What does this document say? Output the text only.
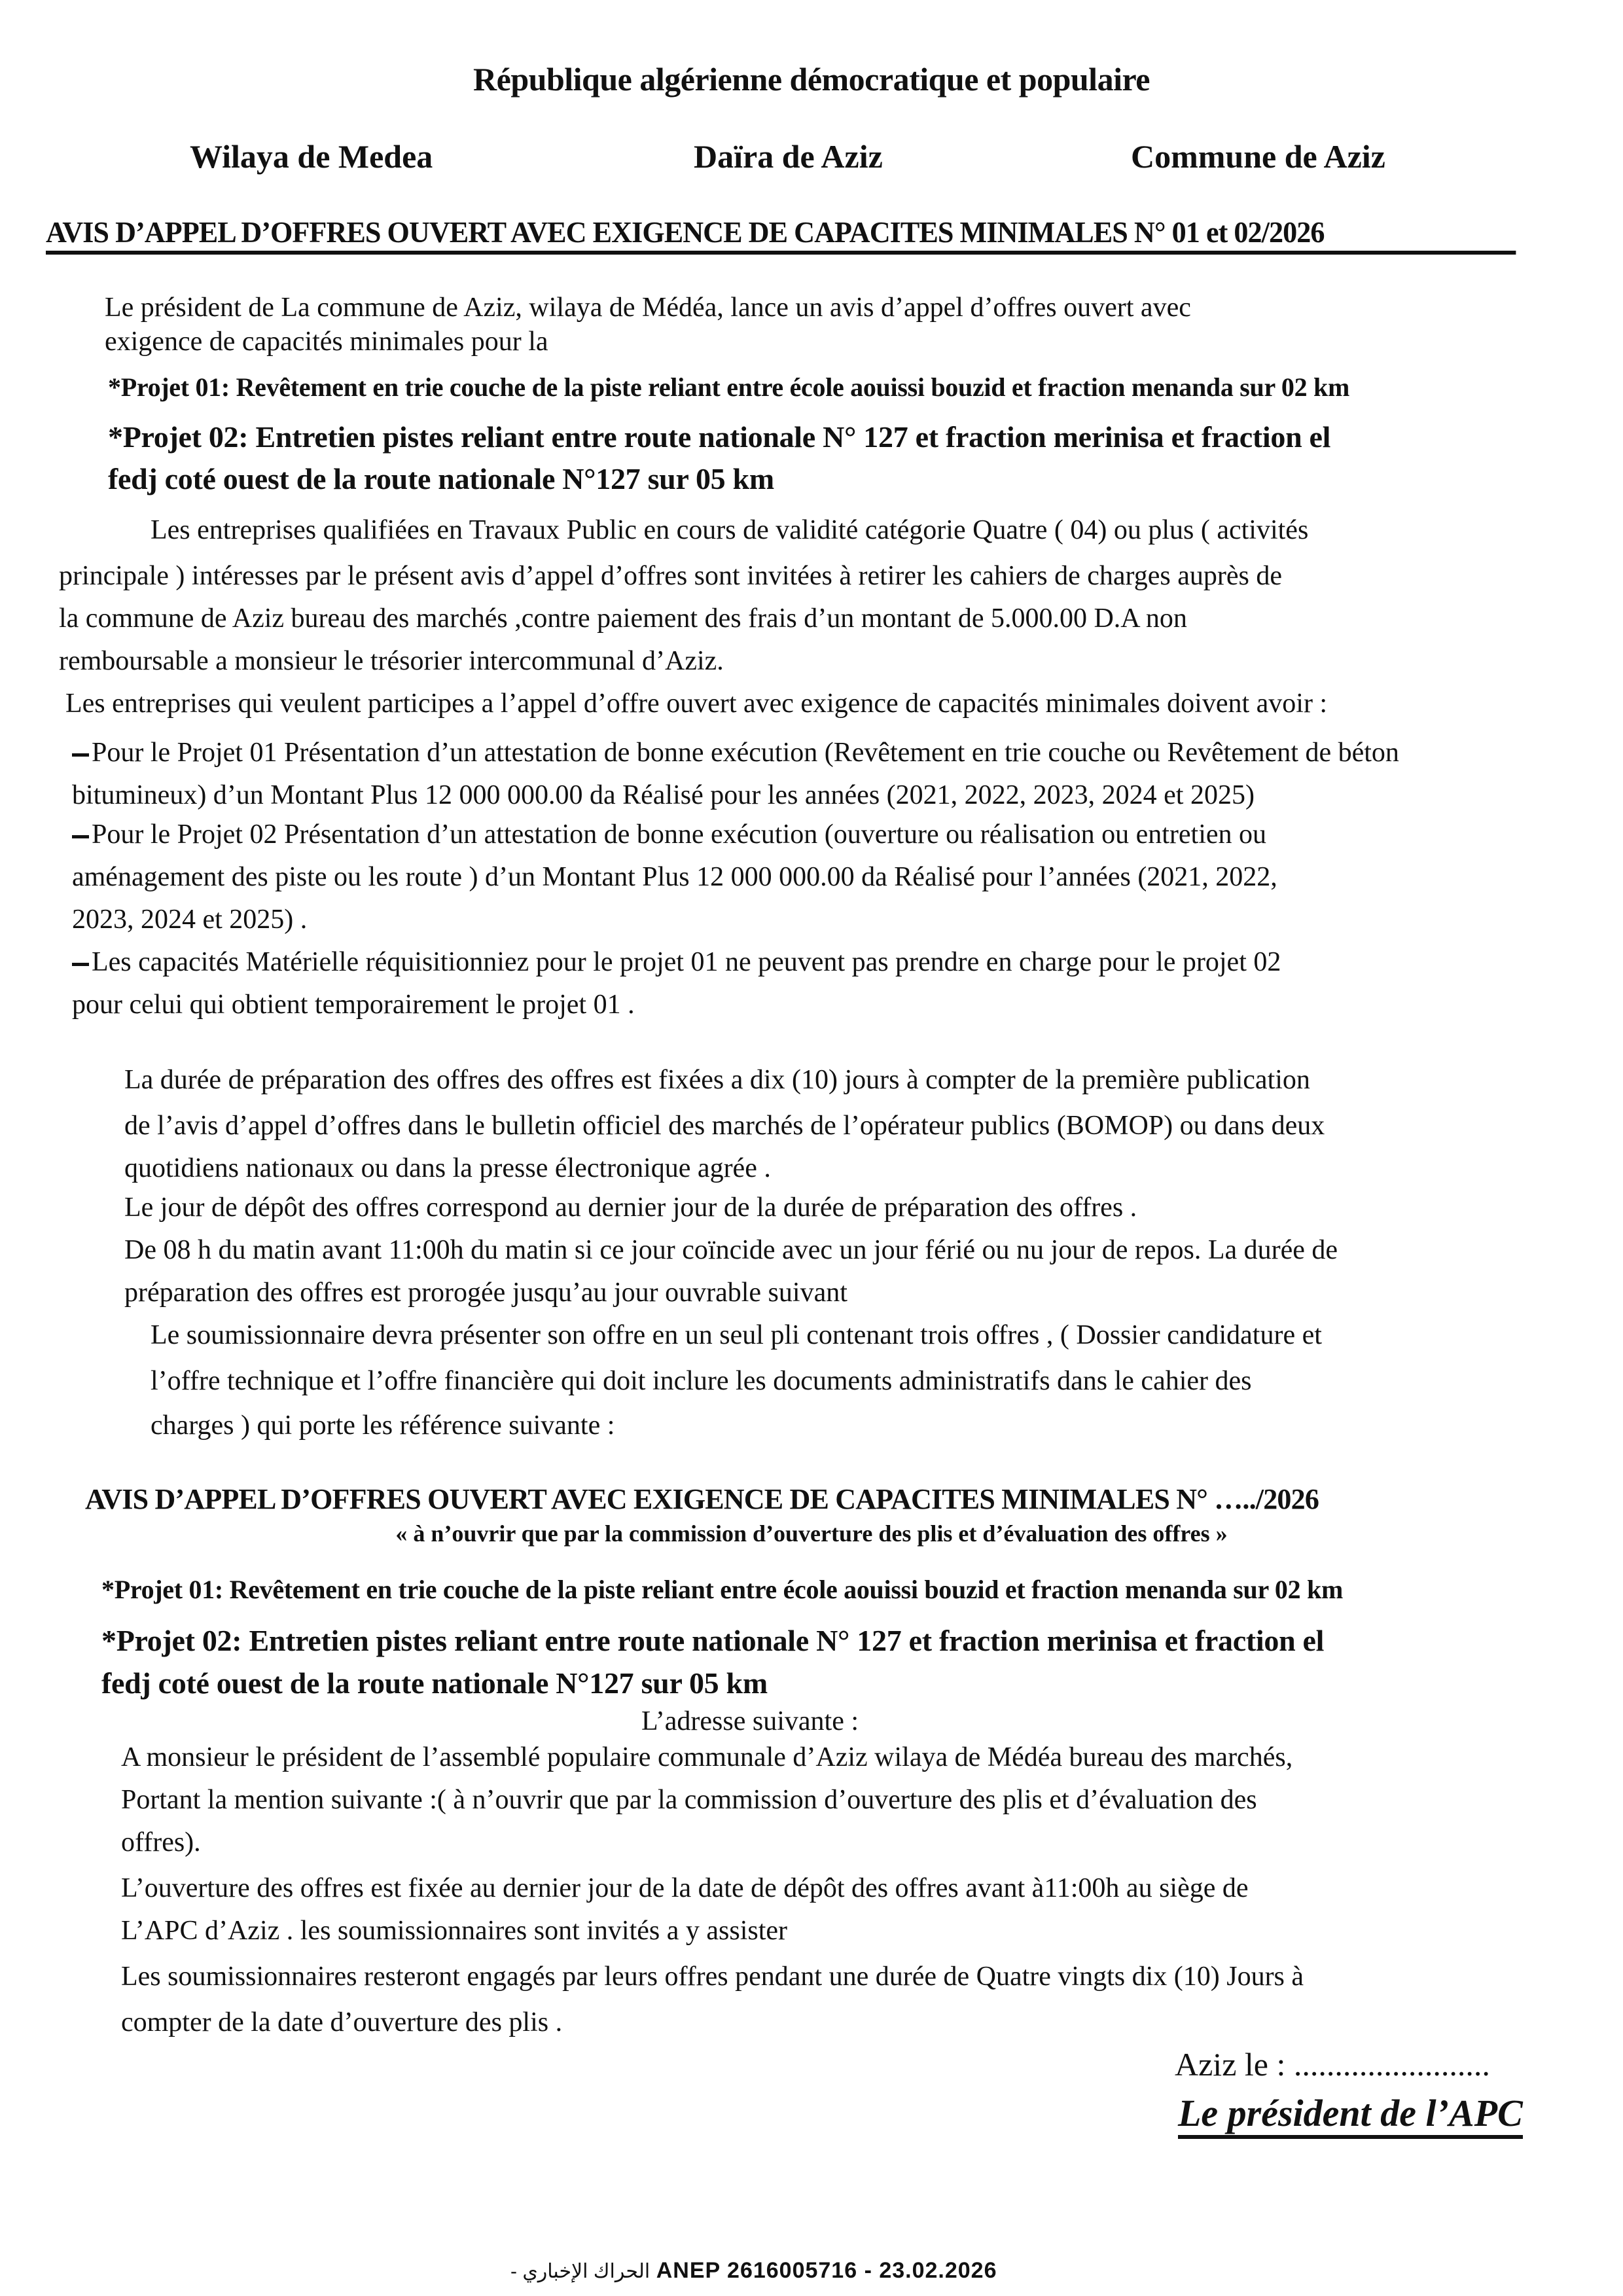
République algérienne démocratique et populaire
Wilaya de Medea	Daïra de Aziz	Commune de Aziz
AVIS D’APPEL D’OFFRES OUVERT AVEC EXIGENCE DE CAPACITES MINIMALES N° 01 et 02/2026
Le président de La commune de Aziz, wilaya de Médéa, lance un avis d’appel d’offres ouvert avec
exigence de capacités minimales pour la
*Projet 01: Revêtement en trie couche de la piste reliant entre école aouissi bouzid et fraction menanda sur 02 km
*Projet 02: Entretien pistes reliant entre route nationale N° 127 et fraction merinisa et fraction el
fedj coté ouest de la route nationale N°127 sur 05 km
Les entreprises qualifiées en Travaux Public en cours de validité catégorie Quatre ( 04) ou plus ( activités
principale ) intéresses par le présent avis d’appel d’offres sont invitées à retirer les cahiers de charges auprès de
la commune de Aziz bureau des marchés ,contre paiement des frais d’un montant de 5.000.00 D.A non
remboursable a monsieur le trésorier intercommunal d’Aziz.
Les entreprises qui veulent participes a l’appel d’offre ouvert avec exigence de capacités minimales doivent avoir :
Pour le Projet 01 Présentation d’un attestation de bonne exécution (Revêtement en trie couche ou Revêtement de béton
bitumineux) d’un Montant Plus 12 000 000.00 da Réalisé pour les années (2021, 2022, 2023, 2024 et 2025)
Pour le Projet 02 Présentation d’un attestation de bonne exécution (ouverture ou réalisation ou entretien ou
aménagement des piste ou les route ) d’un Montant Plus 12 000 000.00 da Réalisé pour l’années (2021, 2022,
2023, 2024 et 2025) .
Les capacités Matérielle réquisitionniez pour le projet 01 ne peuvent pas prendre en charge pour le projet 02
pour celui qui obtient temporairement le projet 01 .
La durée de préparation des offres des offres est fixées a dix (10) jours à compter de la première publication
de l’avis d’appel d’offres dans le bulletin officiel des marchés de l’opérateur publics (BOMOP) ou dans deux
quotidiens nationaux ou dans la presse électronique agrée .
Le jour de dépôt des offres correspond au dernier jour de la durée de préparation des offres .
De 08 h du matin avant 11:00h du matin si ce jour coïncide avec un jour férié ou nu jour de repos. La durée de
préparation des offres est prorogée jusqu’au jour ouvrable suivant
Le soumissionnaire devra présenter son offre en un seul pli contenant trois offres , ( Dossier candidature et
l’offre technique et l’offre financière qui doit inclure les documents administratifs dans le cahier des
charges ) qui porte les référence suivante :
AVIS D’APPEL D’OFFRES OUVERT AVEC EXIGENCE DE CAPACITES MINIMALES N° …../2026
« à n’ouvrir que par la commission d’ouverture des plis et d’évaluation des offres »
*Projet 01: Revêtement en trie couche de la piste reliant entre école aouissi bouzid et fraction menanda sur 02 km
*Projet 02: Entretien pistes reliant entre route nationale N° 127 et fraction merinisa et fraction el
fedj coté ouest de la route nationale N°127 sur 05 km
L’adresse suivante :
A monsieur le président de l’assemblé populaire communale d’Aziz wilaya de Médéa bureau des marchés,
Portant la mention suivante :( à n’ouvrir que par la commission d’ouverture des plis et d’évaluation des
offres).
L’ouverture des offres est fixée au dernier jour de la date de dépôt des offres avant à11:00h au siège de
L’APC d’Aziz . les soumissionnaires sont invités a y assister
Les soumissionnaires resteront engagés par leurs offres pendant une durée de Quatre vingts dix (10) Jours à
compter de la date d’ouverture des plis .
Aziz le : ........................
Le président de l’APC
الحراك الإخباري - ANEP 2616005716 - 23.02.2026
